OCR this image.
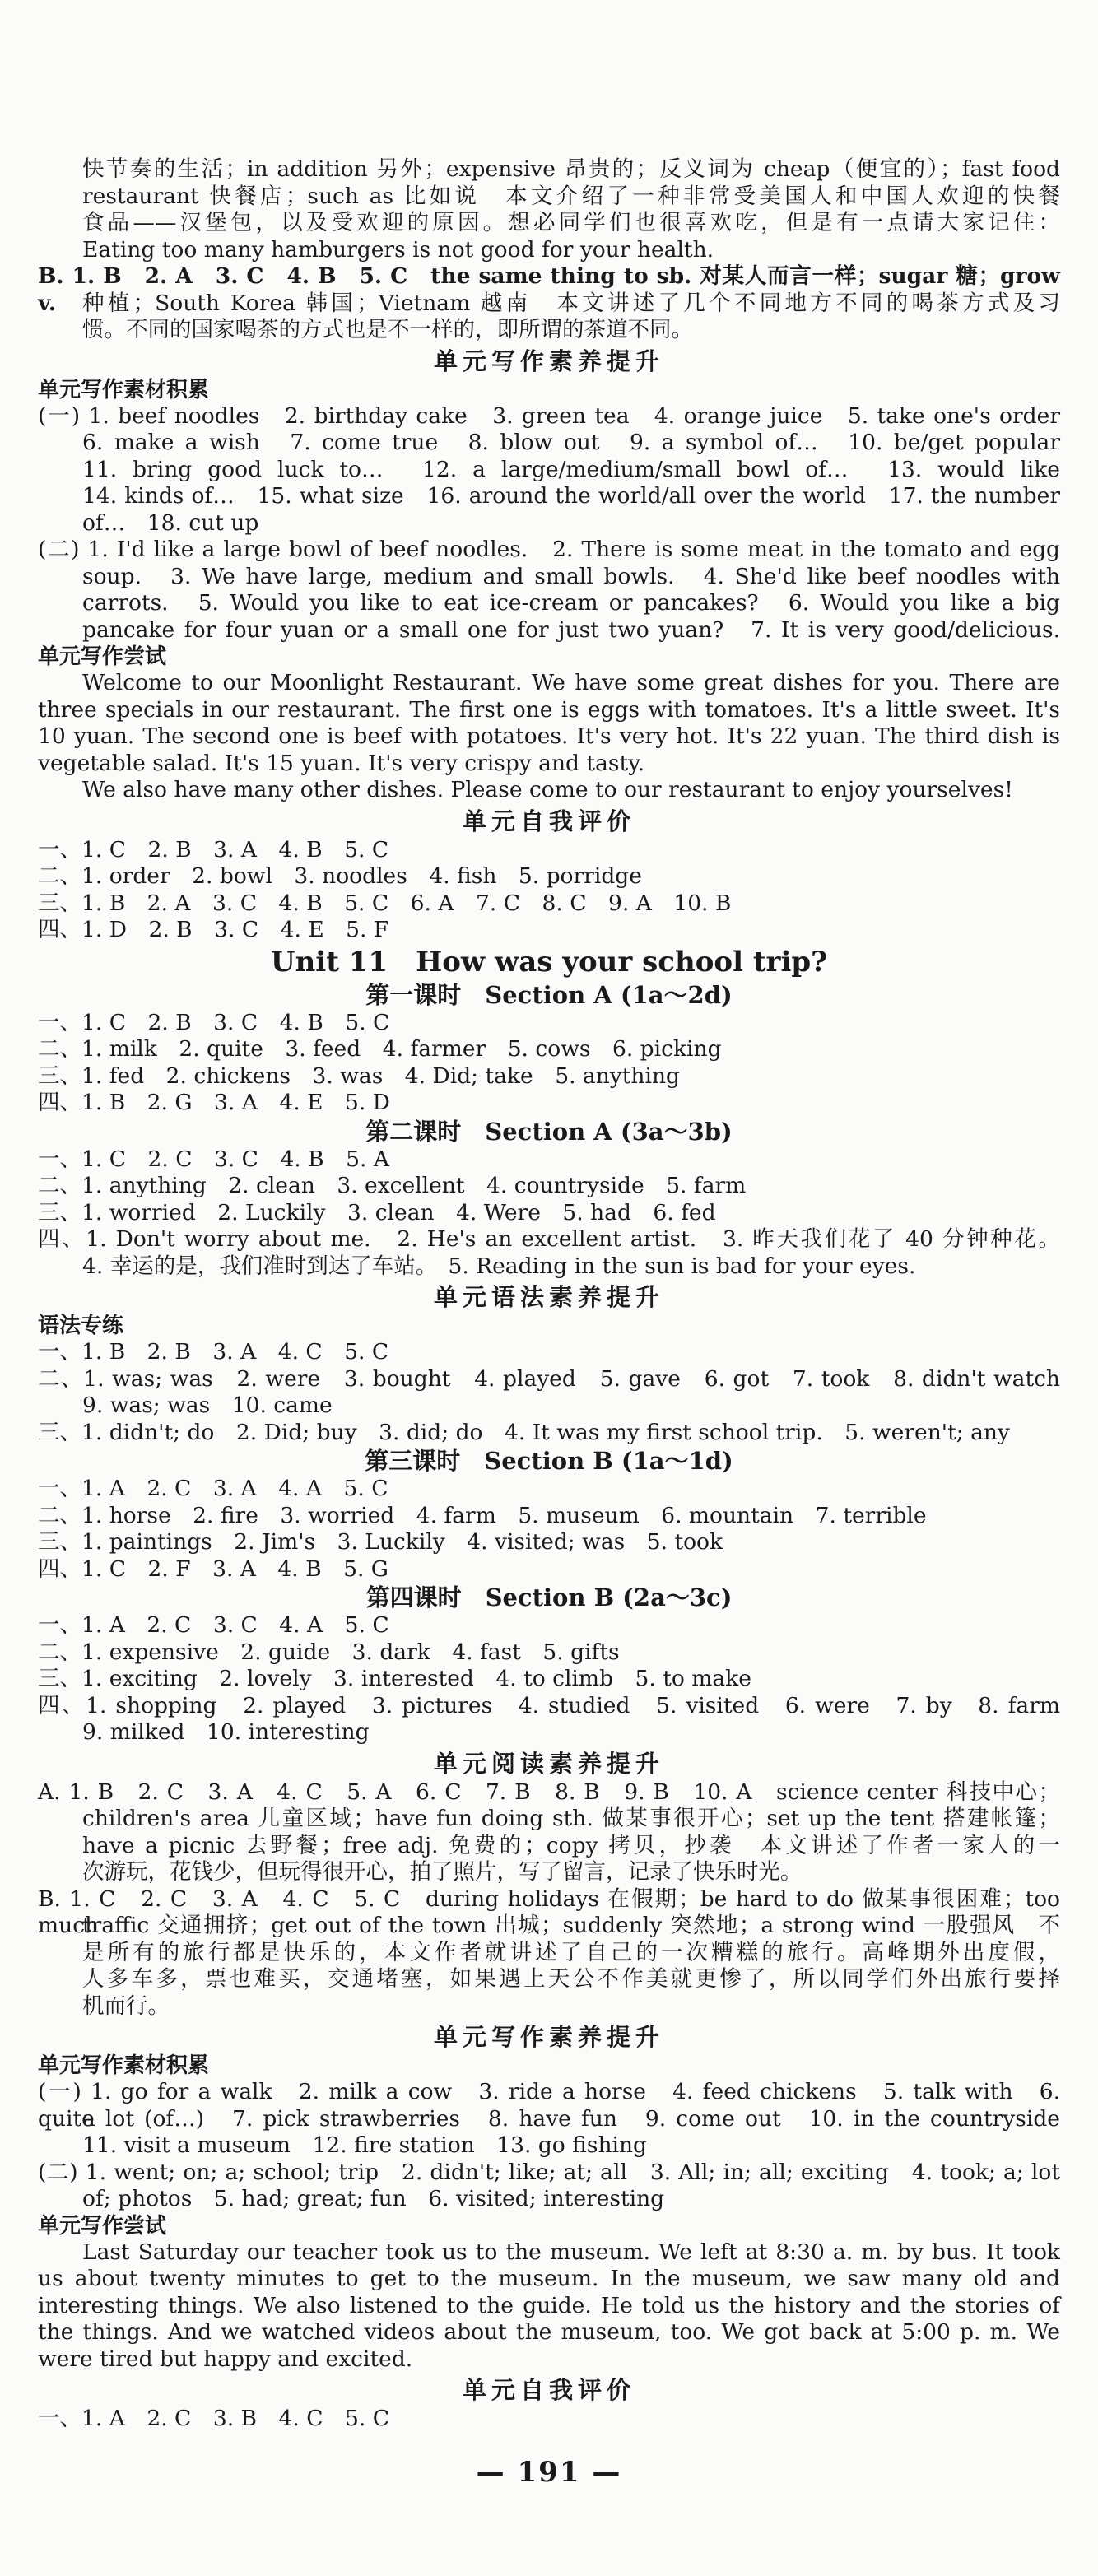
快节奏的生活；in addition 另外；expensive 昂贵的；反义词为 cheap（便宜的）；fast food
restaurant 快餐店；such as 比如说　本文介绍了一种非常受美国人和中国人欢迎的快餐
食品——汉堡包，以及受欢迎的原因。想必同学们也很喜欢吃，但是有一点请大家记住：
Eating too many hamburgers is not good for your health.
B. 1. B　2. A　3. C　4. B　5. C　the same thing to sb. 对某人而言一样；sugar 糖；grow v.	种植；South Korea 韩国；Vietnam 越南　本文讲述了几个不同地方不同的喝茶方式及习
惯。不同的国家喝茶的方式也是不一样的，即所谓的茶道不同。
单元写作素养提升
单元写作素材积累
(一) 1. beef noodles　2. birthday cake　3. green tea　4. orange juice　5. take one's order
6. make a wish　7. come true　8. blow out　9. a symbol of…　10. be/get popular
11. bring good luck to…　12. a large/medium/small bowl of…　13. would like
14. kinds of…　15. what size　16. around the world/all over the world　17. the number
of…　18. cut up
(二) 1. I'd like a large bowl of beef noodles.　2. There is some meat in the tomato and egg
soup.　3. We have large, medium and small bowls.　4. She'd like beef noodles with
carrots.　5. Would you like to eat ice-cream or pancakes?　6. Would you like a big
pancake for four yuan or a small one for just two yuan?　7. It is very good/delicious.
单元写作尝试
Welcome to our Moonlight Restaurant. We have some great dishes for you. There are three specials in our restaurant. The first one is eggs with tomatoes. It's a little sweet. It's 10 yuan. The second one is beef with potatoes. It's very hot. It's 22 yuan. The third dish is vegetable salad. It's 15 yuan. It's very crispy and tasty.
We also have many other dishes. Please come to our restaurant to enjoy yourselves!
单元自我评价
一、1. C　2. B　3. A　4. B　5. C
二、1. order　2. bowl　3. noodles　4. fish　5. porridge
三、1. B　2. A　3. C　4. B　5. C　6. A　7. C　8. C　9. A　10. B
四、1. D　2. B　3. C　4. E　5. F
Unit 11　How was your school trip?
第一课时　Section A (1a～2d)
一、1. C　2. B　3. C　4. B　5. C
二、1. milk　2. quite　3. feed　4. farmer　5. cows　6. picking
三、1. fed　2. chickens　3. was　4. Did; take　5. anything
四、1. B　2. G　3. A　4. E　5. D
第二课时　Section A (3a～3b)
一、1. C　2. C　3. C　4. B　5. A
二、1. anything　2. clean　3. excellent　4. countryside　5. farm
三、1. worried　2. Luckily　3. clean　4. Were　5. had　6. fed
四、1. Don't worry about me.　2. He's an excellent artist.　3. 昨天我们花了 40 分钟种花。
4. 幸运的是，我们准时到达了车站。　5. Reading in the sun is bad for your eyes.
单元语法素养提升
语法专练
一、1. B　2. B　3. A　4. C　5. C
二、1. was; was　2. were　3. bought　4. played　5. gave　6. got　7. took　8. didn't watch
9. was; was　10. came
三、1. didn't; do　2. Did; buy　3. did; do　4. It was my first school trip.　5. weren't; any
第三课时　Section B (1a～1d)
一、1. A　2. C　3. A　4. A　5. C
二、1. horse　2. fire　3. worried　4. farm　5. museum　6. mountain　7. terrible
三、1. paintings　2. Jim's　3. Luckily　4. visited; was　5. took
四、1. C　2. F　3. A　4. B　5. G
第四课时　Section B (2a～3c)
一、1. A　2. C　3. C　4. A　5. C
二、1. expensive　2. guide　3. dark　4. fast　5. gifts
三、1. exciting　2. lovely　3. interested　4. to climb　5. to make
四、1. shopping　2. played　3. pictures　4. studied　5. visited　6. were　7. by　8. farm
9. milked　10. interesting
单元阅读素养提升
A. 1. B　2. C　3. A　4. C　5. A　6. C　7. B　8. B　9. B　10. A　science center 科技中心；
children's area 儿童区域；have fun doing sth. 做某事很开心；set up the tent 搭建帐篷；
have a picnic 去野餐；free adj. 免费的；copy 拷贝，抄袭　本文讲述了作者一家人的一
次游玩，花钱少，但玩得很开心，拍了照片，写了留言，记录了快乐时光。
B. 1. C　2. C　3. A　4. C　5. C　during holidays 在假期；be hard to do 做某事很困难；too much
traffic 交通拥挤；get out of the town 出城；suddenly 突然地；a strong wind 一股强风　不
是所有的旅行都是快乐的，本文作者就讲述了自己的一次糟糕的旅行。高峰期外出度假，
人多车多，票也难买，交通堵塞，如果遇上天公不作美就更惨了，所以同学们外出旅行要择
机而行。
单元写作素养提升
单元写作素材积累
(一) 1. go for a walk　2. milk a cow　3. ride a horse　4. feed chickens　5. talk with　6. quite
a lot (of…)　7. pick strawberries　8. have fun　9. come out　10. in the countryside
11. visit a museum　12. fire station　13. go fishing
(二) 1. went; on; a; school; trip　2. didn't; like; at; all　3. All; in; all; exciting　4. took; a; lot
of; photos　5. had; great; fun　6. visited; interesting
单元写作尝试
Last Saturday our teacher took us to the museum. We left at 8:30 a. m. by bus. It took us about twenty minutes to get to the museum. In the museum, we saw many old and interesting things. We also listened to the guide. He told us the history and the stories of the things. And we watched videos about the museum, too. We got back at 5:00 p. m. We were tired but happy and excited.
单元自我评价
一、1. A　2. C　3. B　4. C　5. C
— 191 —
